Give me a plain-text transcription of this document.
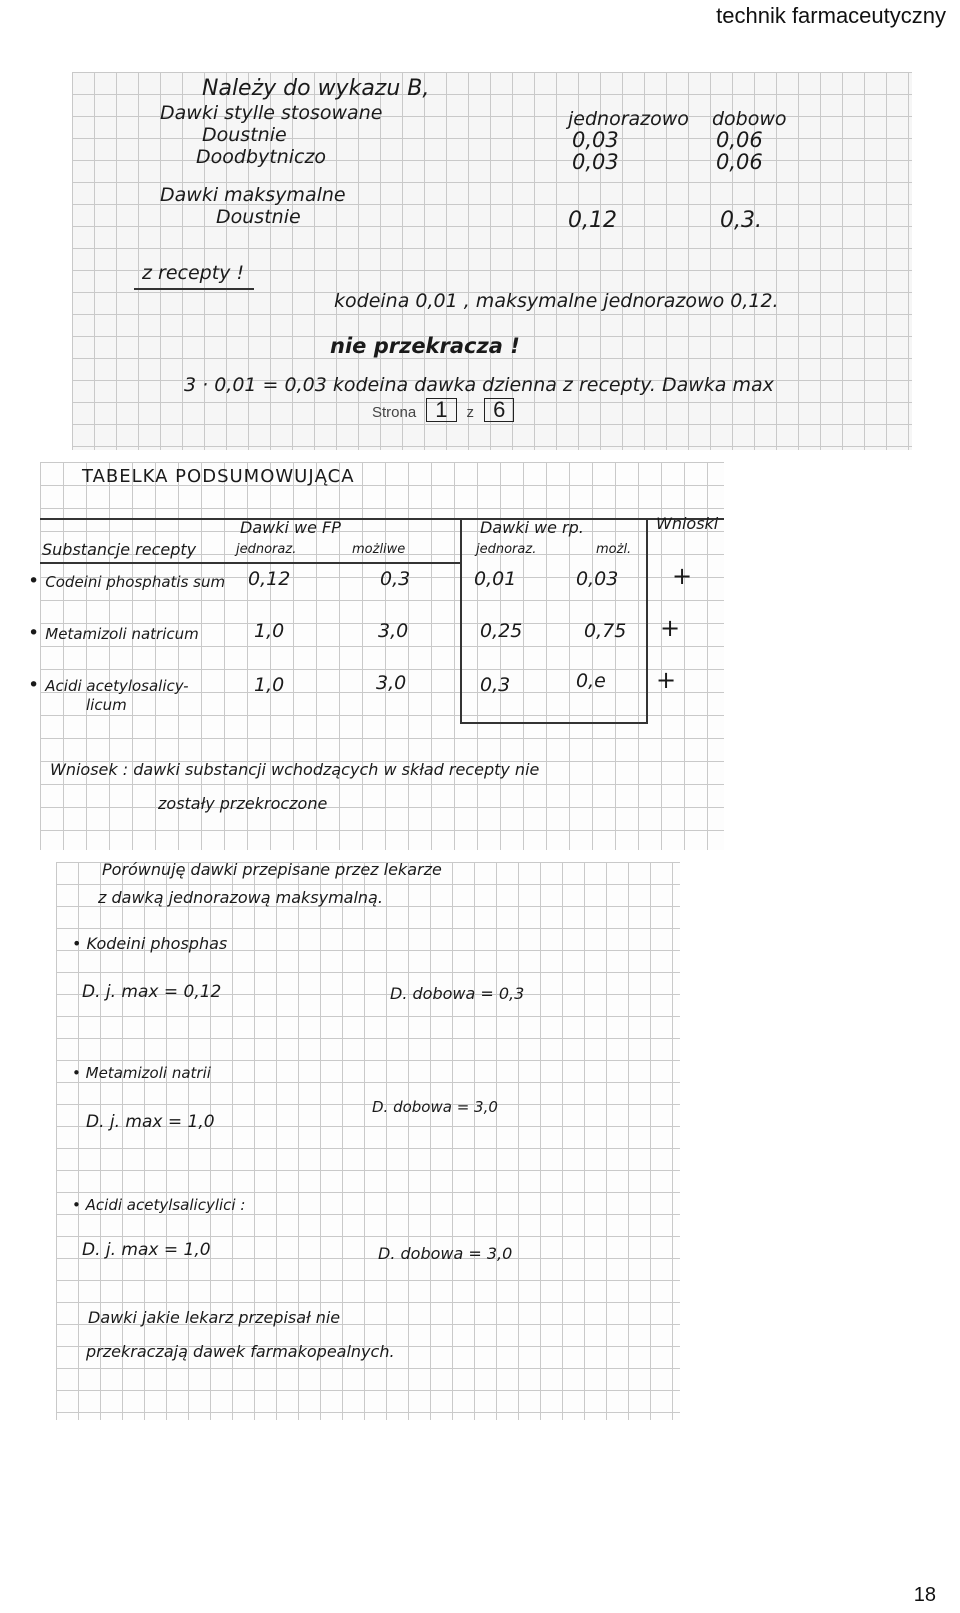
technik farmaceutyczny
Należy do wykazu B,
Dawki stylle stosowane
Doustnie
Doodbytniczo
jednorazowo dobowo
0,03	0,06
0,03	0,06
Dawki maksymalne
Doustnie	0,12	0,3.
z recepty !
kodeina 0,01 , maksymalne jednorazowo 0,12.
nie przekracza !
3 · 0,01 = 0,03 kodeina dawka dzienna z recepty. Dawka max
Strona 1 z 6
TABELKA PODSUMOWUJĄCA
Dawki we FP	Dawki we rp.	Wnioski
Substancje recepty	jednoraz.	możliwe	jednoraz.	możl.
• Codeini phosphatis sum 0,12	0,3	0,01	0,03 +
• Metamizoli natricum	1,0	3,0	0,25	0,75 +
• Acidi acetylosalicy-
licum
1,0	3,0	0,3	0,e +
Wniosek : dawki substancji wchodzących w skład recepty nie
zostały przekroczone
Porównuję dawki przepisane przez lekarze
z dawką jednorazową maksymalną.
• Kodeini phosphas
D. j. max = 0,12	D. dobowa = 0,3
• Metamizoli natrii
D. dobowa = 3,0
D. j. max = 1,0
• Acidi acetylsalicylici :
D. j. max = 1,0	D. dobowa = 3,0
Dawki jakie lekarz przepisał nie
przekraczają dawek farmakopealnych.
18
